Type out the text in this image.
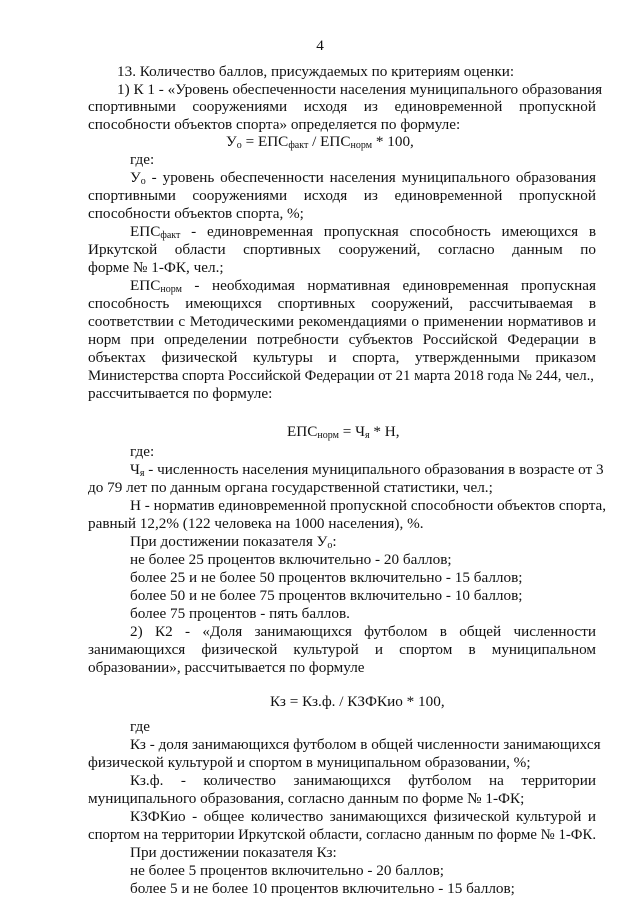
4
13. Количество баллов, присуждаемых по критериям оценки:
1) К 1 - «Уровень обеспеченности населения муниципального образования
спортивными сооружениями исходя из единовременной пропускной
способности объектов спорта» определяется по формуле:
$У_о = ЕПС_{факт} / ЕПС_{норм} * 100$,
где:
$У_о$ - уровень обеспеченности населения муниципального образования
спортивными сооружениями исходя из единовременной пропускной
способности объектов спорта, %;
$ЕПС_{факт}$ - единовременная пропускная способность имеющихся в
Иркутской области спортивных сооружений, согласно данным по
форме № 1-ФК, чел.;
$ЕПС_{норм}$ - необходимая нормативная единовременная пропускная
способность имеющихся спортивных сооружений, рассчитываемая в
соответствии с Методическими рекомендациями о применении нормативов и
норм при определении потребности субъектов Российской Федерации в
объектах физической культуры и спорта, утвержденными приказом
Министерства спорта Российской Федерации от 21 марта 2018 года № 244, чел.,
рассчитывается по формуле:
$ЕПС_{норм} = Ч_я * Н$,
где:
$Ч_я$ - численность населения муниципального образования в возрасте от 3
до 79 лет по данным органа государственной статистики, чел.;
Н - норматив единовременной пропускной способности объектов спорта,
равный 12,2% (122 человека на 1000 населения), %.
При достижении показателя $У_о$:
не более 25 процентов включительно - 20 баллов;
более 25 и не более 50 процентов включительно - 15 баллов;
более 50 и не более 75 процентов включительно - 10 баллов;
более 75 процентов - пять баллов.
2) К2 - «Доля занимающихся футболом в общей численности
занимающихся физической культурой и спортом в муниципальном
образовании», рассчитывается по формуле
Кз = Кз.ф. / КЗФКио * 100,
где
Кз - доля занимающихся футболом в общей численности занимающихся
физической культурой и спортом в муниципальном образовании, %;
Кз.ф. - количество занимающихся футболом на территории
муниципального образования, согласно данным по форме № 1-ФК;
КЗФКио - общее количество занимающихся физической культурой и
спортом на территории Иркутской области, согласно данным по форме № 1-ФК.
При достижении показателя Кз:
не более 5 процентов включительно - 20 баллов;
более 5 и не более 10 процентов включительно - 15 баллов;
